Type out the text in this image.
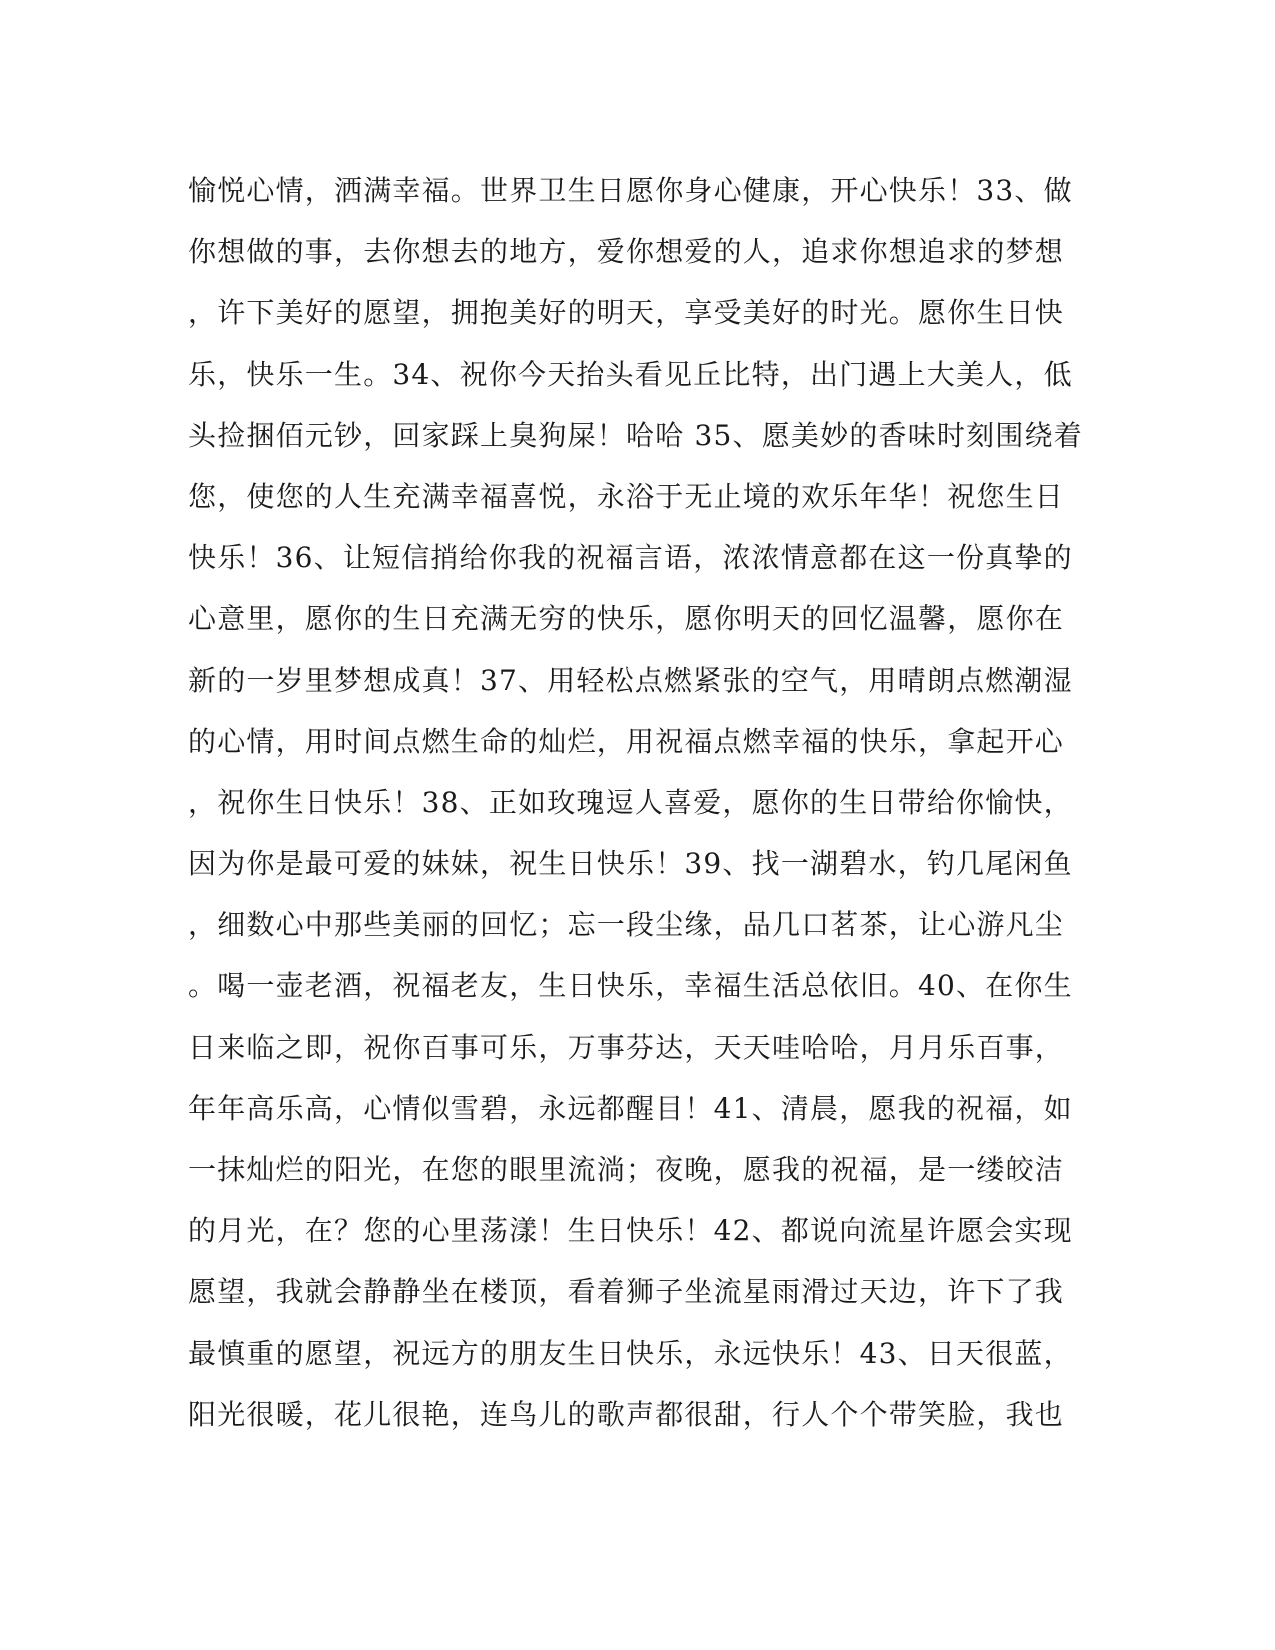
愉悦心情，洒满幸福。世界卫生日愿你身心健康，开心快乐！33、做
你想做的事，去你想去的地方，爱你想爱的人，追求你想追求的梦想
，许下美好的愿望，拥抱美好的明天，享受美好的时光。愿你生日快
乐，快乐一生。34、祝你今天抬头看见丘比特，出门遇上大美人，低
头捡捆佰元钞，回家踩上臭狗屎！哈哈 35、愿美妙的香味时刻围绕着
您，使您的人生充满幸福喜悦，永浴于无止境的欢乐年华！祝您生日
快乐！36、让短信捎给你我的祝福言语，浓浓情意都在这一份真挚的
心意里，愿你的生日充满无穷的快乐，愿你明天的回忆温馨，愿你在
新的一岁里梦想成真！37、用轻松点燃紧张的空气，用晴朗点燃潮湿
的心情，用时间点燃生命的灿烂，用祝福点燃幸福的快乐，拿起开心
，祝你生日快乐！38、正如玫瑰逗人喜爱，愿你的生日带给你愉快，
因为你是最可爱的妹妹，祝生日快乐！39、找一湖碧水，钓几尾闲鱼
，细数心中那些美丽的回忆；忘一段尘缘，品几口茗茶，让心游凡尘
。喝一壶老酒，祝福老友，生日快乐，幸福生活总依旧。40、在你生
日来临之即，祝你百事可乐，万事芬达，天天哇哈哈，月月乐百事，
年年高乐高，心情似雪碧，永远都醒目！41、清晨，愿我的祝福，如
一抹灿烂的阳光，在您的眼里流淌；夜晚，愿我的祝福，是一缕皎洁
的月光，在？您的心里荡漾！生日快乐！42、都说向流星许愿会实现
愿望，我就会静静坐在楼顶，看着狮子坐流星雨滑过天边，许下了我
最慎重的愿望，祝远方的朋友生日快乐，永远快乐！43、日天很蓝，
阳光很暖，花儿很艳，连鸟儿的歌声都很甜，行人个个带笑脸，我也
